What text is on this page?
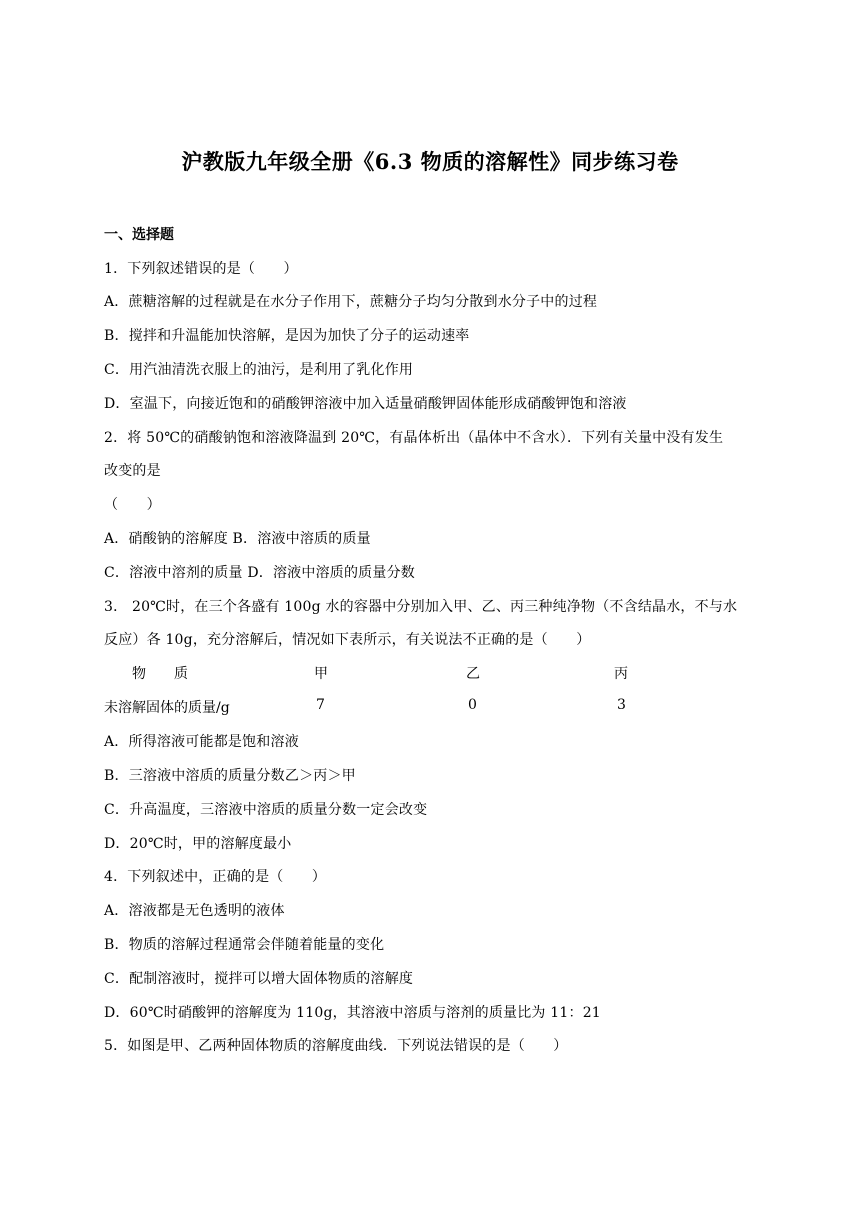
沪教版九年级全册《6.3 物质的溶解性》同步练习卷
一、选择题
1．下列叙述错误的是（　　）
A．蔗糖溶解的过程就是在水分子作用下，蔗糖分子均匀分散到水分子中的过程
B．搅拌和升温能加快溶解，是因为加快了分子的运动速率
C．用汽油清洗衣服上的油污，是利用了乳化作用
D．室温下，向接近饱和的硝酸钾溶液中加入适量硝酸钾固体能形成硝酸钾饱和溶液
2．将 50℃的硝酸钠饱和溶液降温到 20℃，有晶体析出（晶体中不含水）．下列有关量中没有发生
改变的是
（　　）
A．硝酸钠的溶解度 B．溶液中溶质的质量
C．溶液中溶剂的质量 D．溶液中溶质的质量分数
3． 20℃时，在三个各盛有 100g 水的容器中分别加入甲、乙、丙三种纯净物（不含结晶水，不与水
反应）各 10g，充分溶解后，情况如下表所示，有关说法不正确的是（　　）
物　　质	甲	乙	丙
未溶解固体的质量/g	7	0	3
A．所得溶液可能都是饱和溶液
B．三溶液中溶质的质量分数乙＞丙＞甲
C．升高温度，三溶液中溶质的质量分数一定会改变
D．20℃时，甲的溶解度最小
4．下列叙述中，正确的是（　　）
A．溶液都是无色透明的液体
B．物质的溶解过程通常会伴随着能量的变化
C．配制溶液时，搅拌可以增大固体物质的溶解度
D．60℃时硝酸钾的溶解度为 110g，其溶液中溶质与溶剂的质量比为 11：21
5．如图是甲、乙两种固体物质的溶解度曲线．下列说法错误的是（　　）
